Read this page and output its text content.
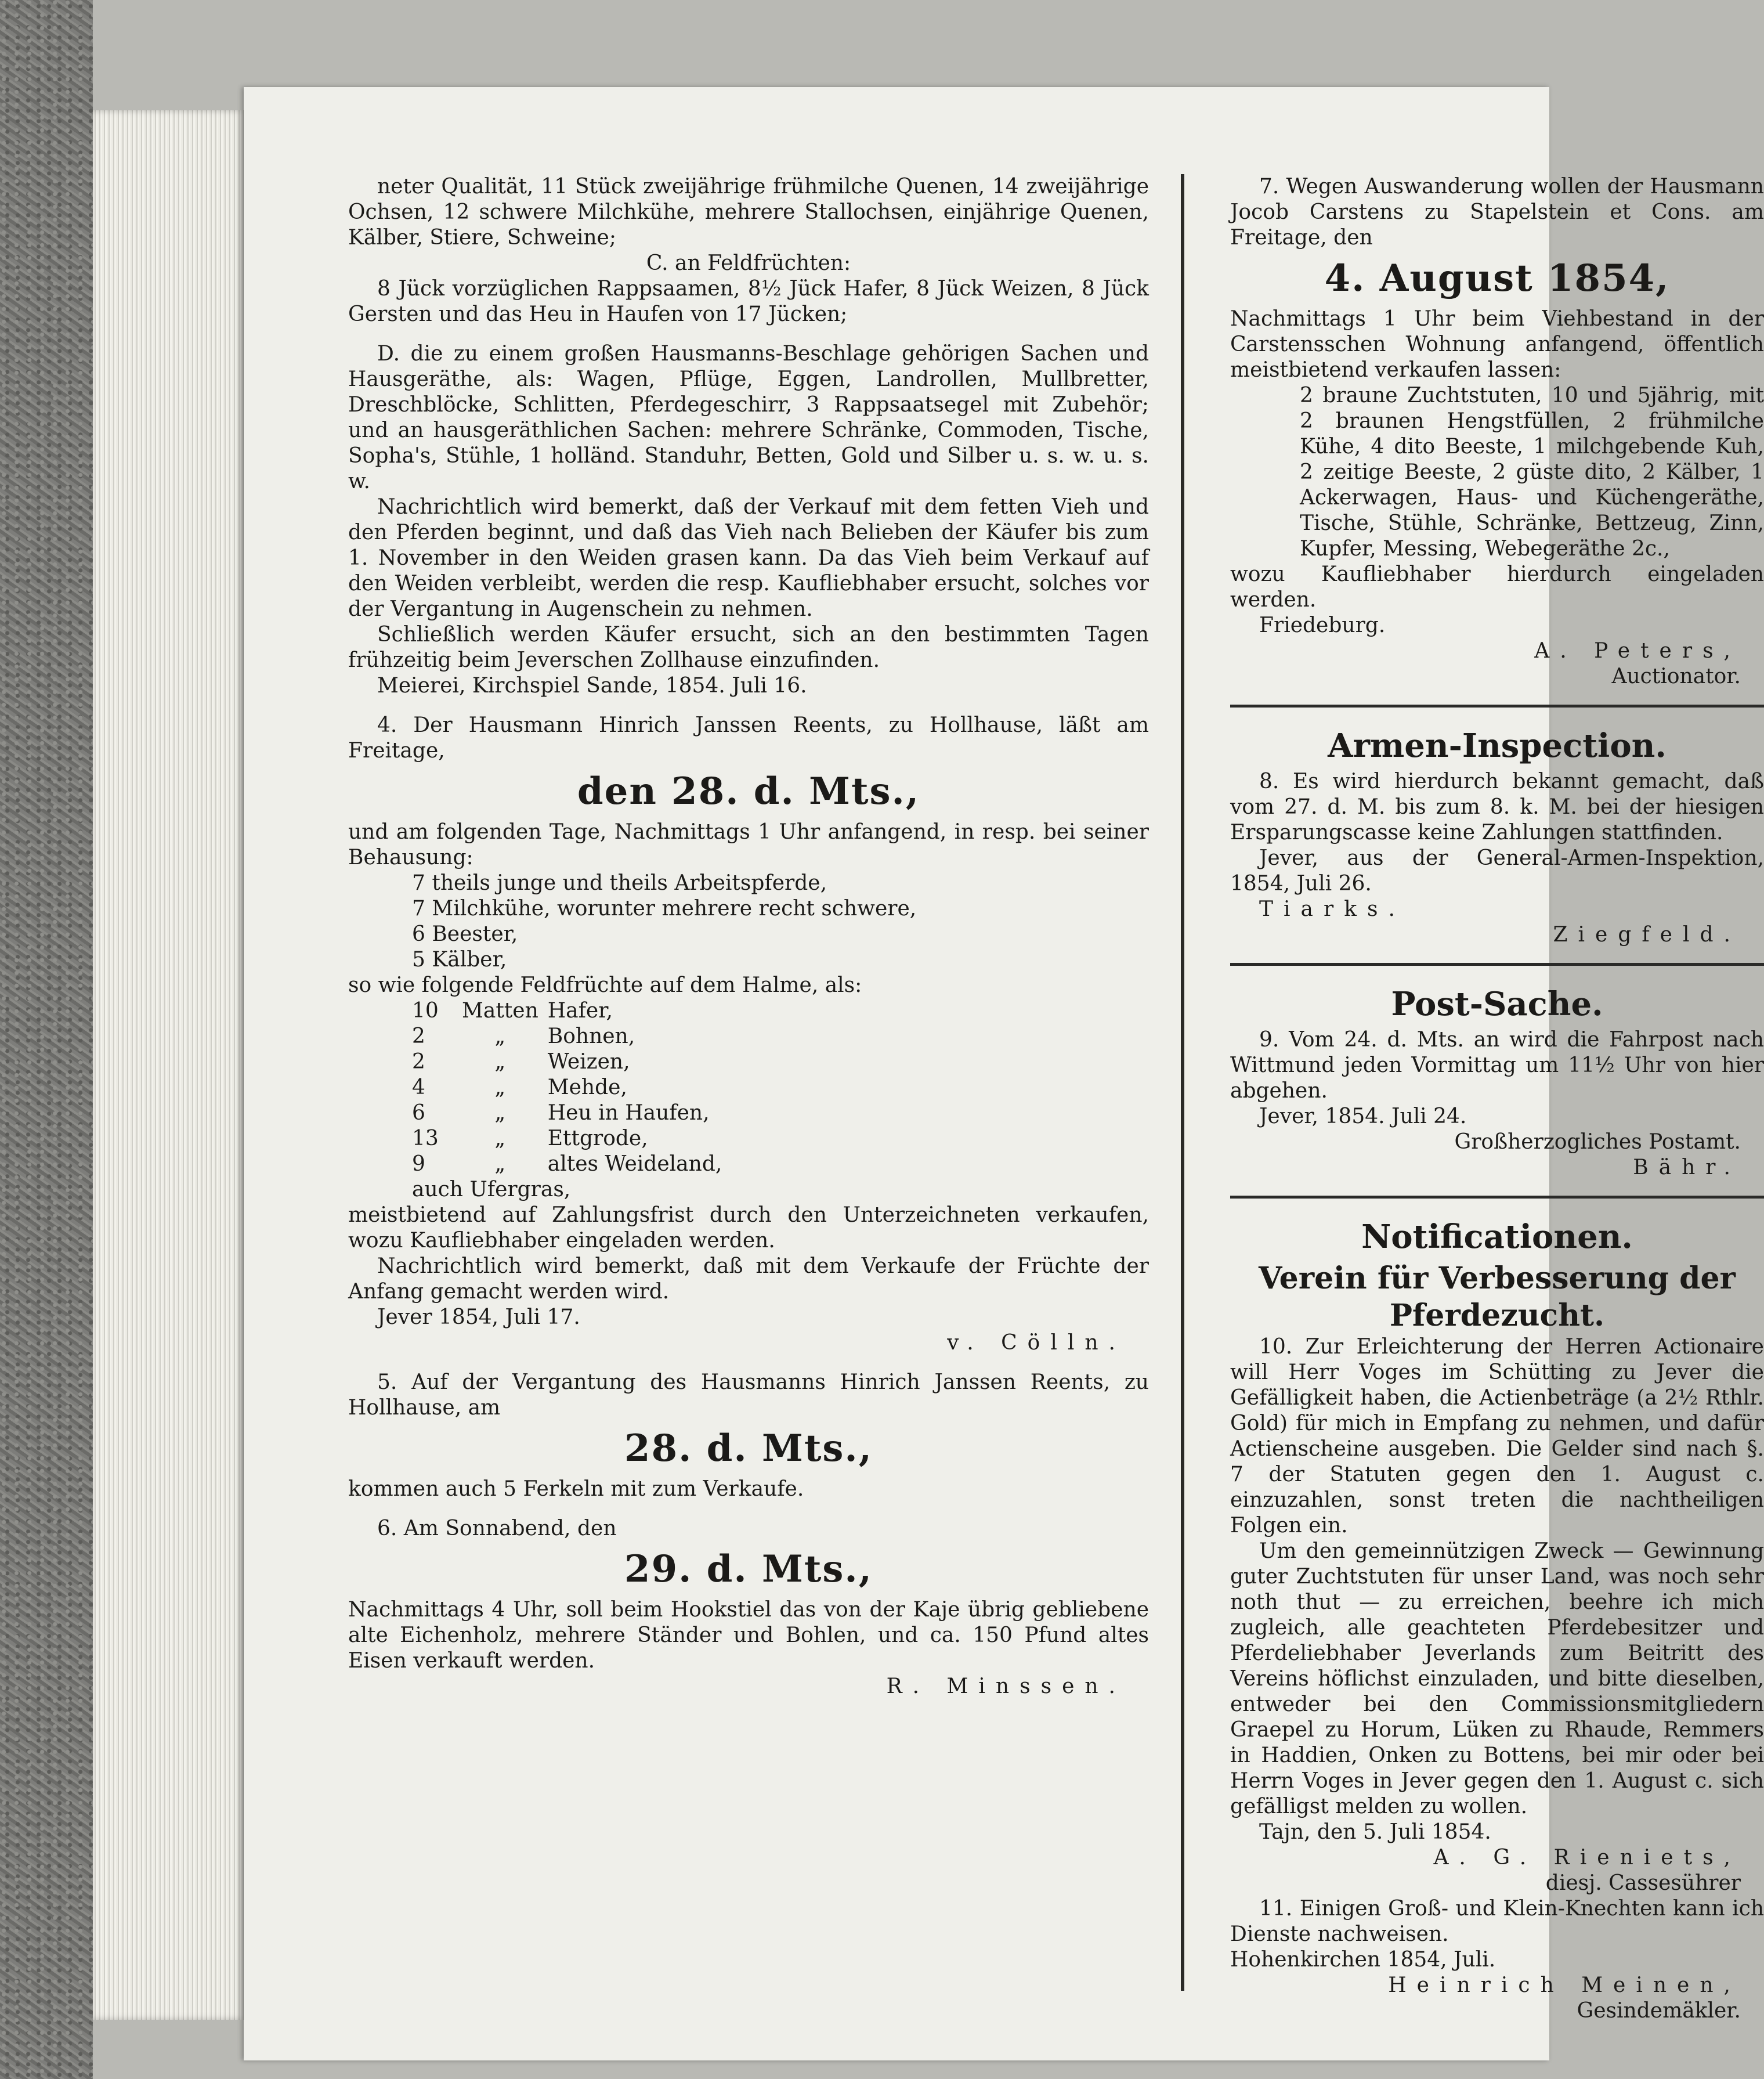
neter Qualität, 11 Stück zweijährige frühmilche Quenen, 14 zweijährige Ochsen, 12 schwere Milchkühe, mehrere Stallochsen, einjährige Quenen, Kälber, Stiere, Schweine;

C. an Feldfrüchten:

8 Jück vorzüglichen Rappsaamen, 8½ Jück Hafer, 8 Jück Weizen, 8 Jück Gersten und das Heu in Haufen von 17 Jücken;

D. die zu einem großen Hausmanns-Beschlage gehörigen Sachen und Hausgeräthe, als: Wagen, Pflüge, Eggen, Landrollen, Mullbretter, Dreschblöcke, Schlitten, Pferdegeschirr, 3 Rappsaatsegel mit Zubehör; und an hausgeräthlichen Sachen: mehrere Schränke, Commoden, Tische, Sopha's, Stühle, 1 holländ. Standuhr, Betten, Gold und Silber u. s. w. u. s. w.

Nachrichtlich wird bemerkt, daß der Verkauf mit dem fetten Vieh und den Pferden beginnt, und daß das Vieh nach Belieben der Käufer bis zum 1. November in den Weiden grasen kann. Da das Vieh beim Verkauf auf den Weiden verbleibt, werden die resp. Kaufliebhaber ersucht, solches vor der Vergantung in Augenschein zu nehmen.

Schließlich werden Käufer ersucht, sich an den bestimmten Tagen frühzeitig beim Jeverschen Zollhause einzufinden.

Meierei, Kirchspiel Sande, 1854. Juli 16.

4. Der Hausmann Hinrich Janssen Reents, zu Hollhause, läßt am Freitage,

den 28. d. Mts.,

und am folgenden Tage, Nachmittags 1 Uhr anfangend, in resp. bei seiner Behausung:

7 theils junge und theils Arbeitspferde,
7 Milchkühe, worunter mehrere recht schwere,
6 Beester,
5 Kälber,

so wie folgende Feldfrüchte auf dem Halme, als:

10	Matten	Hafer,
2	„	Bohnen,
2	„	Weizen,
4	„	Mehde,
6	„	Heu in Haufen,
13	„	Ettgrode,
9	„	altes Weideland,
auch Ufergras,

meistbietend auf Zahlungsfrist durch den Unterzeichneten verkaufen, wozu Kaufliebhaber eingeladen werden.

Nachrichtlich wird bemerkt, daß mit dem Verkaufe der Früchte der Anfang gemacht werden wird.

Jever 1854, Juli 17.

v. Cölln.

5. Auf der Vergantung des Hausmanns Hinrich Janssen Reents, zu Hollhause, am

28. d. Mts.,

kommen auch 5 Ferkeln mit zum Verkaufe.

6. Am Sonnabend, den

29. d. Mts.,

Nachmittags 4 Uhr, soll beim Hookstiel das von der Kaje übrig gebliebene alte Eichenholz, mehrere Ständer und Bohlen, und ca. 150 Pfund altes Eisen verkauft werden.

R. Minssen.

7. Wegen Auswanderung wollen der Hausmann Jocob Carstens zu Stapelstein et Cons. am Freitage, den

4. August 1854,

Nachmittags 1 Uhr beim Viehbestand in der Carstensschen Wohnung anfangend, öffentlich meistbietend verkaufen lassen:

2 braune Zuchtstuten, 10 und 5jährig, mit 2 braunen Hengstfüllen, 2 frühmilche Kühe, 4 dito Beeste, 1 milchgebende Kuh, 2 zeitige Beeste, 2 güste dito, 2 Kälber, 1 Ackerwagen, Haus- und Küchengeräthe, Tische, Stühle, Schränke, Bettzeug, Zinn, Kupfer, Messing, Webegeräthe 2c.,

wozu Kaufliebhaber hierdurch eingeladen werden.

Friedeburg.

A. Peters,

Auctionator.

Armen-Inspection.

8. Es wird hierdurch bekannt gemacht, daß vom 27. d. M. bis zum 8. k. M. bei der hiesigen Ersparungscasse keine Zahlungen stattfinden.

Jever, aus der General-Armen-Inspektion, 1854, Juli 26.

Tiarks.

Ziegfeld.

Post-Sache.

9. Vom 24. d. Mts. an wird die Fahrpost nach Wittmund jeden Vormittag um 11½ Uhr von hier abgehen.

Jever, 1854. Juli 24.

Großherzogliches Postamt.

Bähr.

Notificationen.
Verein für Verbesserung der Pferdezucht.

10. Zur Erleichterung der Herren Actionaire will Herr Voges im Schütting zu Jever die Gefälligkeit haben, die Actienbeträge (a 2½ Rthlr. Gold) für mich in Empfang zu nehmen, und dafür Actienscheine ausgeben. Die Gelder sind nach §. 7 der Statuten gegen den 1. August c. einzuzahlen, sonst treten die nachtheiligen Folgen ein.

Um den gemeinnützigen Zweck — Gewinnung guter Zuchtstuten für unser Land, was noch sehr noth thut — zu erreichen, beehre ich mich zugleich, alle geachteten Pferdebesitzer und Pferdeliebhaber Jeverlands zum Beitritt des Vereins höflichst einzuladen, und bitte dieselben, entweder bei den Commissionsmitgliedern Graepel zu Horum, Lüken zu Rhaude, Remmers in Haddien, Onken zu Bottens, bei mir oder bei Herrn Voges in Jever gegen den 1. August c. sich gefälligst melden zu wollen.

Tajn, den 5. Juli 1854.

A. G. Rieniets,

diesj. Cassesührer

11. Einigen Groß- und Klein-Knechten kann ich Dienste nachweisen.

Hohenkirchen 1854, Juli.

Heinrich Meinen,

Gesindemäkler.
